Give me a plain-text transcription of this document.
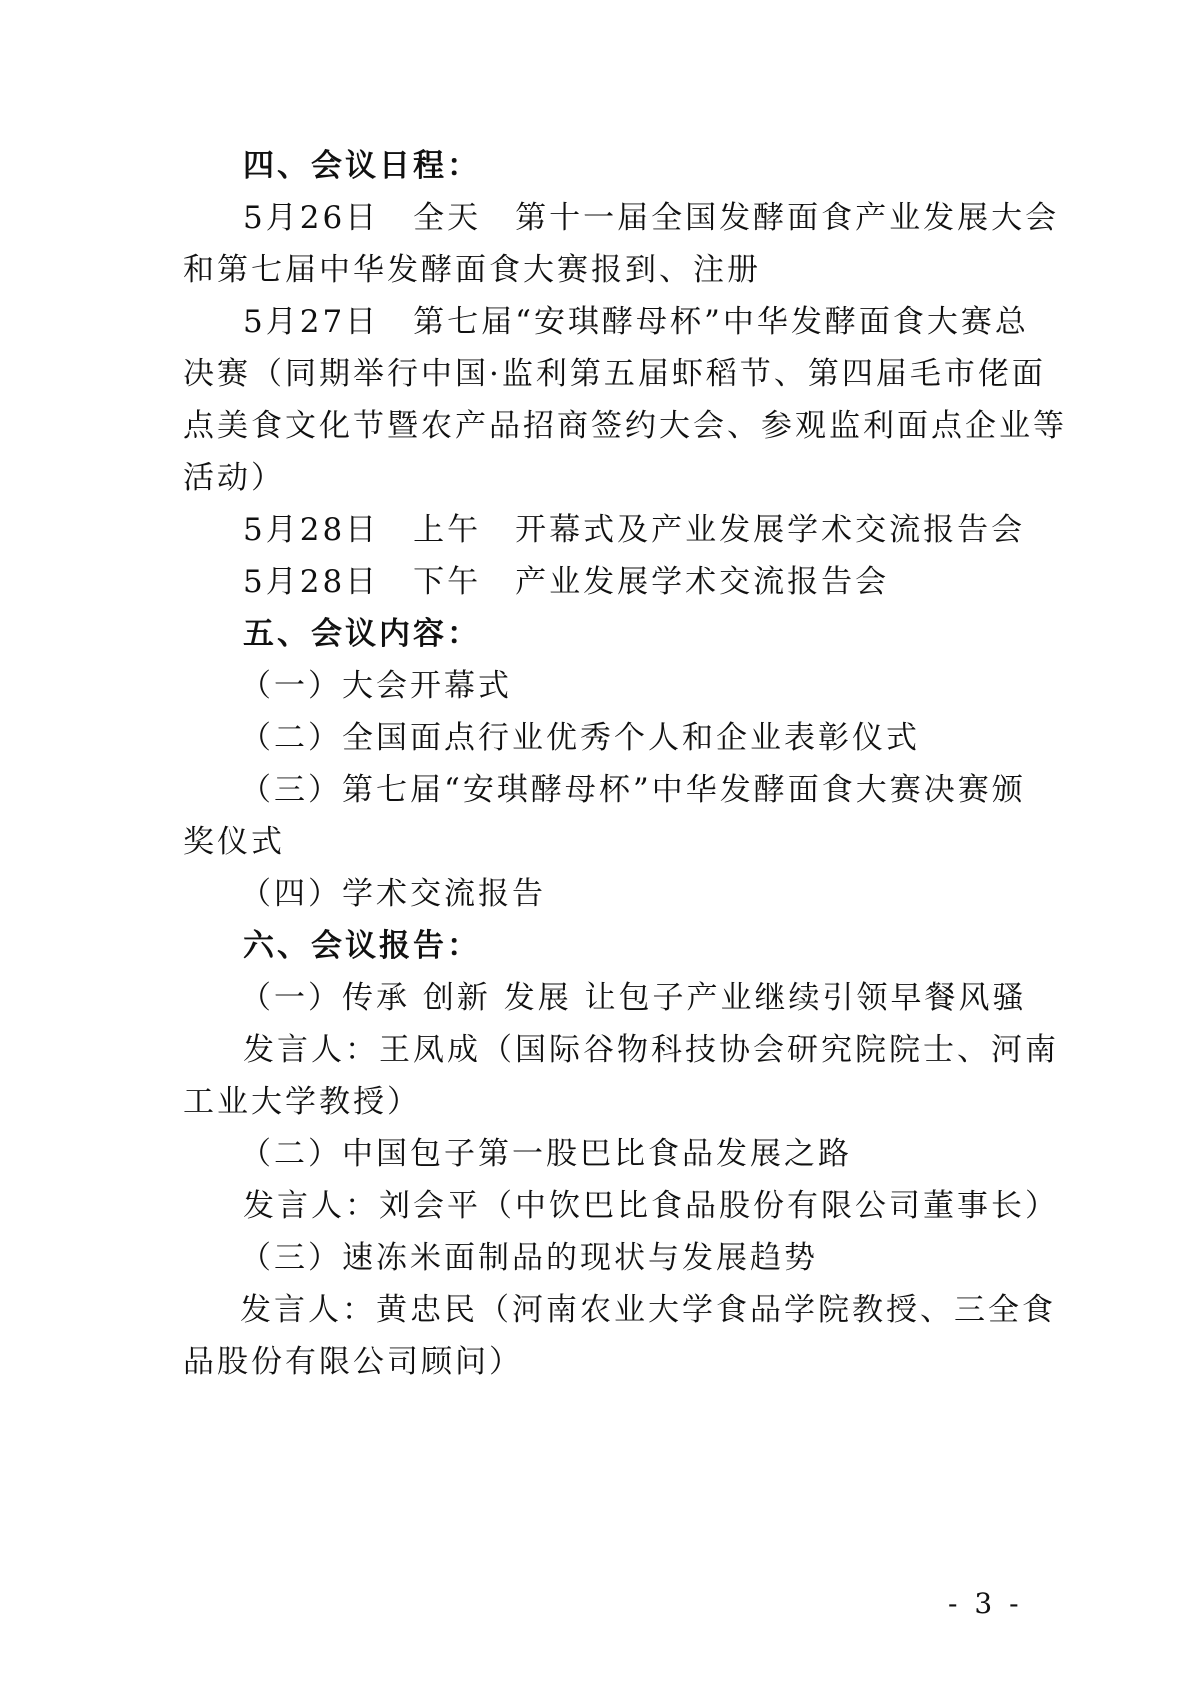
四、会议日程：
5月26日　全天　第十一届全国发酵面食产业发展大会
和第七届中华发酵面食大赛报到、注册
5月27日　第七届“安琪酵母杯”中华发酵面食大赛总
决赛（同期举行中国·监利第五届虾稻节、第四届毛市佬面
点美食文化节暨农产品招商签约大会、参观监利面点企业等
活动）
5月28日　上午　开幕式及产业发展学术交流报告会
5月28日　下午　产业发展学术交流报告会
五、会议内容：
（一）大会开幕式
（二）全国面点行业优秀个人和企业表彰仪式
（三）第七届“安琪酵母杯”中华发酵面食大赛决赛颁
奖仪式
（四）学术交流报告
六、会议报告：
（一）传承 创新 发展 让包子产业继续引领早餐风骚
发言人：王凤成（国际谷物科技协会研究院院士、河南
工业大学教授）
（二）中国包子第一股巴比食品发展之路
发言人：刘会平（中饮巴比食品股份有限公司董事长）
（三）速冻米面制品的现状与发展趋势
发言人：黄忠民（河南农业大学食品学院教授、三全食
品股份有限公司顾问）
- 3 -
